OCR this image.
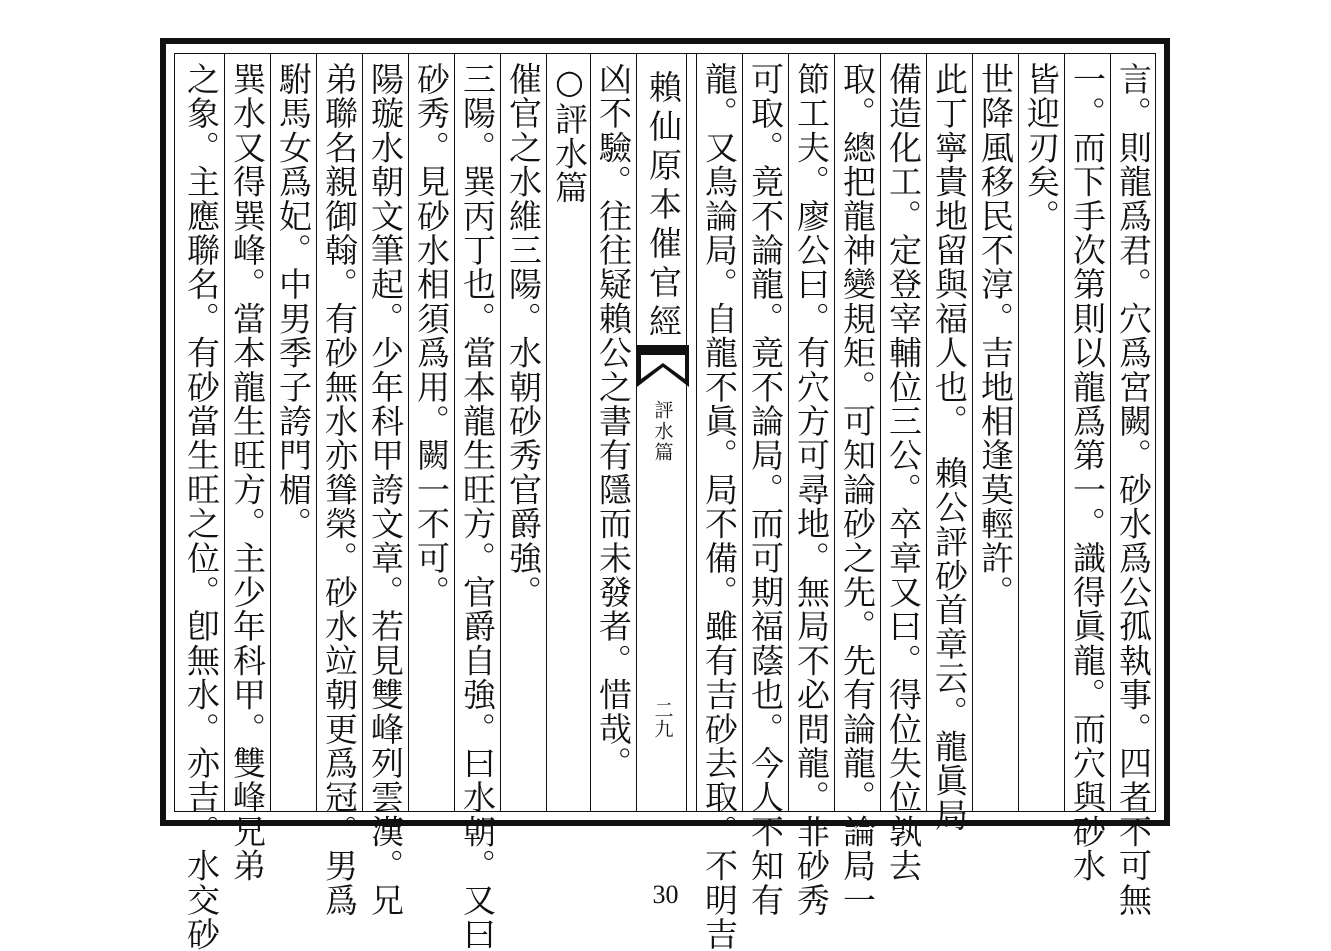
言。則龍爲君。穴爲宮闕。砂水爲公孤執事。四者不可無
一。而下手次第則以龍爲第一。識得眞龍。而穴與砂水
皆迎刃矣。
世降風移民不淳。吉地相逢莫輕許。
此丁寧貴地留與福人也。　賴公評砂首章云。龍眞局
備造化工。定登宰輔位三公。卒章又曰。得位失位孰去
取。總把龍神變規矩。可知論砂之先。先有論龍。論局一
節工夫。廖公曰。有穴方可尋地。無局不必問龍。非砂秀
可取。竟不論龍。竟不論局。而可期福蔭也。今人不知有
龍。又鳥論局。自龍不眞。局不備。雖有吉砂去取。不明吉
凶不驗。往往疑賴公之書有隱而未發者。惜哉。 賴仙原本催官經
評水篇
二九
○評水篇
催官之水維三陽。水朝砂秀官爵強。
三陽。巽丙丁也。當本龍生旺方。官爵自強。曰水朝。又曰
砂秀。見砂水相須爲用。闕一不可。
陽璇水朝文筆起。少年科甲誇文章。若見雙峰列雲漢。兄
弟聯名親御翰。有砂無水亦聳榮。砂水竝朝更爲冠。男爲
駙馬女爲妃。中男季子誇門楣。
巽水又得巽峰。當本龍生旺方。主少年科甲。雙峰兄弟
之象。主應聯名。有砂當生旺之位。卽無水。亦吉。水交砂	30
